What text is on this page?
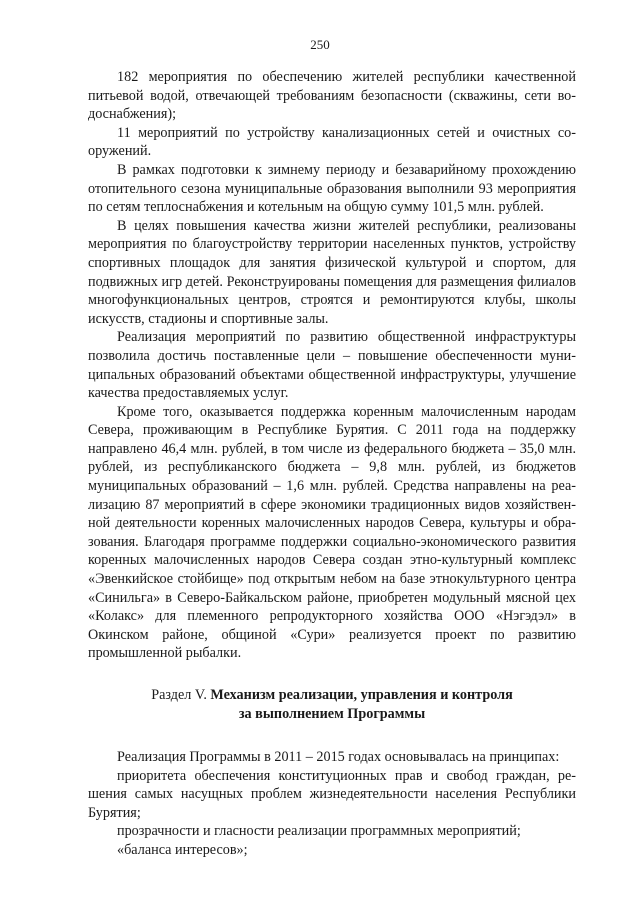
250

182 мероприятия по обеспечению жителей республики качественной питьевой водой, отвечающей требованиям безопасности (скважины, сети водоснабжения);

11 мероприятий по устройству канализационных сетей и очистных сооружений.

В рамках подготовки к зимнему периоду и безаварийному прохождению отопительного сезона муниципальные образования выполнили 93 мероприятия по сетям теплоснабжения и котельным на общую сумму 101,5 млн. рублей.

В целях повышения качества жизни жителей республики, реализованы мероприятия по благоустройству территории населенных пунктов, устройству спортивных площадок для занятия физической культурой и спортом, для подвижных игр детей. Реконструированы помещения для размещения филиалов многофункциональных центров, строятся и ремонтируются клубы, школы искусств, стадионы и спортивные залы.

Реализация мероприятий по развитию общественной инфраструктуры позволила достичь поставленные цели – повышение обеспеченности муниципальных образований объектами общественной инфраструктуры, улучшение качества предоставляемых услуг.

Кроме того, оказывается поддержка коренным малочисленным народам Севера, проживающим в Республике Бурятия. С 2011 года на поддержку направлено 46,4 млн. рублей, в том числе из федерального бюджета – 35,0 млн. рублей, из республиканского бюджета – 9,8 млн. рублей, из бюджетов муниципальных образований – 1,6 млн. рублей. Средства направлены на реализацию 87 мероприятий в сфере экономики традиционных видов хозяйственной деятельности коренных малочисленных народов Севера, культуры и образования. Благодаря программе поддержки социально-экономического развития коренных малочисленных народов Севера создан этно-культурный комплекс «Эвенкийское стойбище» под открытым небом на базе этнокультурного центра «Синильга» в Северо-Байкальском районе, приобретен модульный мясной цех «Колакс» для племенного репродукторного хозяйства ООО «Нэгэдэл» в Окинском районе, общиной «Сури» реализуется проект по развитию промышленной рыбалки.

Раздел V. Механизм реализации, управления и контроля
за выполнением Программы

Реализация Программы в 2011 – 2015 годах основывалась на принципах:

приоритета обеспечения конституционных прав и свобод граждан, решения самых насущных проблем жизнедеятельности населения Республики Бурятия;

прозрачности и гласности реализации программных мероприятий;

«баланса интересов»;
